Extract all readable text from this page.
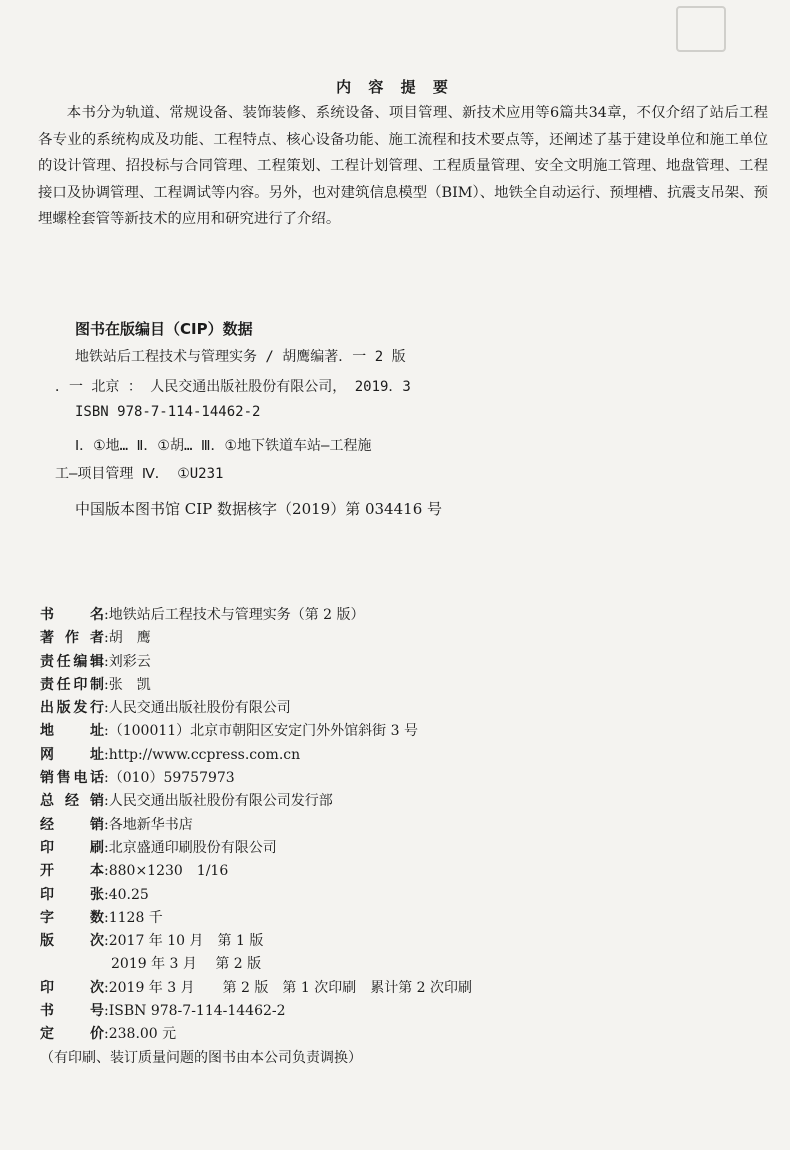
内 容 提 要
本书分为轨道、常规设备、装饰装修、系统设备、项目管理、新技术应用等6篇共34章，不仅介绍了站后工程各专业的系统构成及功能、工程特点、核心设备功能、施工流程和技术要点等，还阐述了基于建设单位和施工单位的设计管理、招投标与合同管理、工程策划、工程计划管理、工程质量管理、安全文明施工管理、地盘管理、工程接口及协调管理、工程调试等内容。另外，也对建筑信息模型（BIM）、地铁全自动运行、预埋槽、抗震支吊架、预埋螺栓套管等新技术的应用和研究进行了介绍。
图书在版编目（CIP）数据
地铁站后工程技术与管理实务 / 胡鹰编著．一 2 版
．一 北京 ： 人民交通出版社股份有限公司， 2019．3
ISBN 978-7-114-14462-2
Ⅰ．①地… Ⅱ．①胡… Ⅲ．①地下铁道车站—工程施
工—项目管理 Ⅳ． ①U231
中国版本图书馆 CIP 数据核字（2019）第 034416 号
书　名 : 地铁站后工程技术与管理实务（第 2 版）
著 作 者 : 胡　鹰
责任编辑 : 刘彩云
责任印制 : 张　凯
出版发行 : 人民交通出版社股份有限公司
地　址 : （100011）北京市朝阳区安定门外外馆斜街 3 号
网　址 : http://www.ccpress.com.cn
销售电话 : （010）59757973
总 经 销 : 人民交通出版社股份有限公司发行部
经　销 : 各地新华书店
印　刷 : 北京盛通印刷股份有限公司
开　本 : 880×1230　1/16
印　张 : 40.25
字　数 : 1128 千
版　次 : 2017 年 10 月　第 1 版
2019 年 3 月　 第 2 版
印　次 : 2019 年 3 月　　第 2 版　第 1 次印刷　累计第 2 次印刷
书　号 : ISBN 978-7-114-14462-2
定　价 : 238.00 元
（有印刷、装订质量问题的图书由本公司负责调换）
